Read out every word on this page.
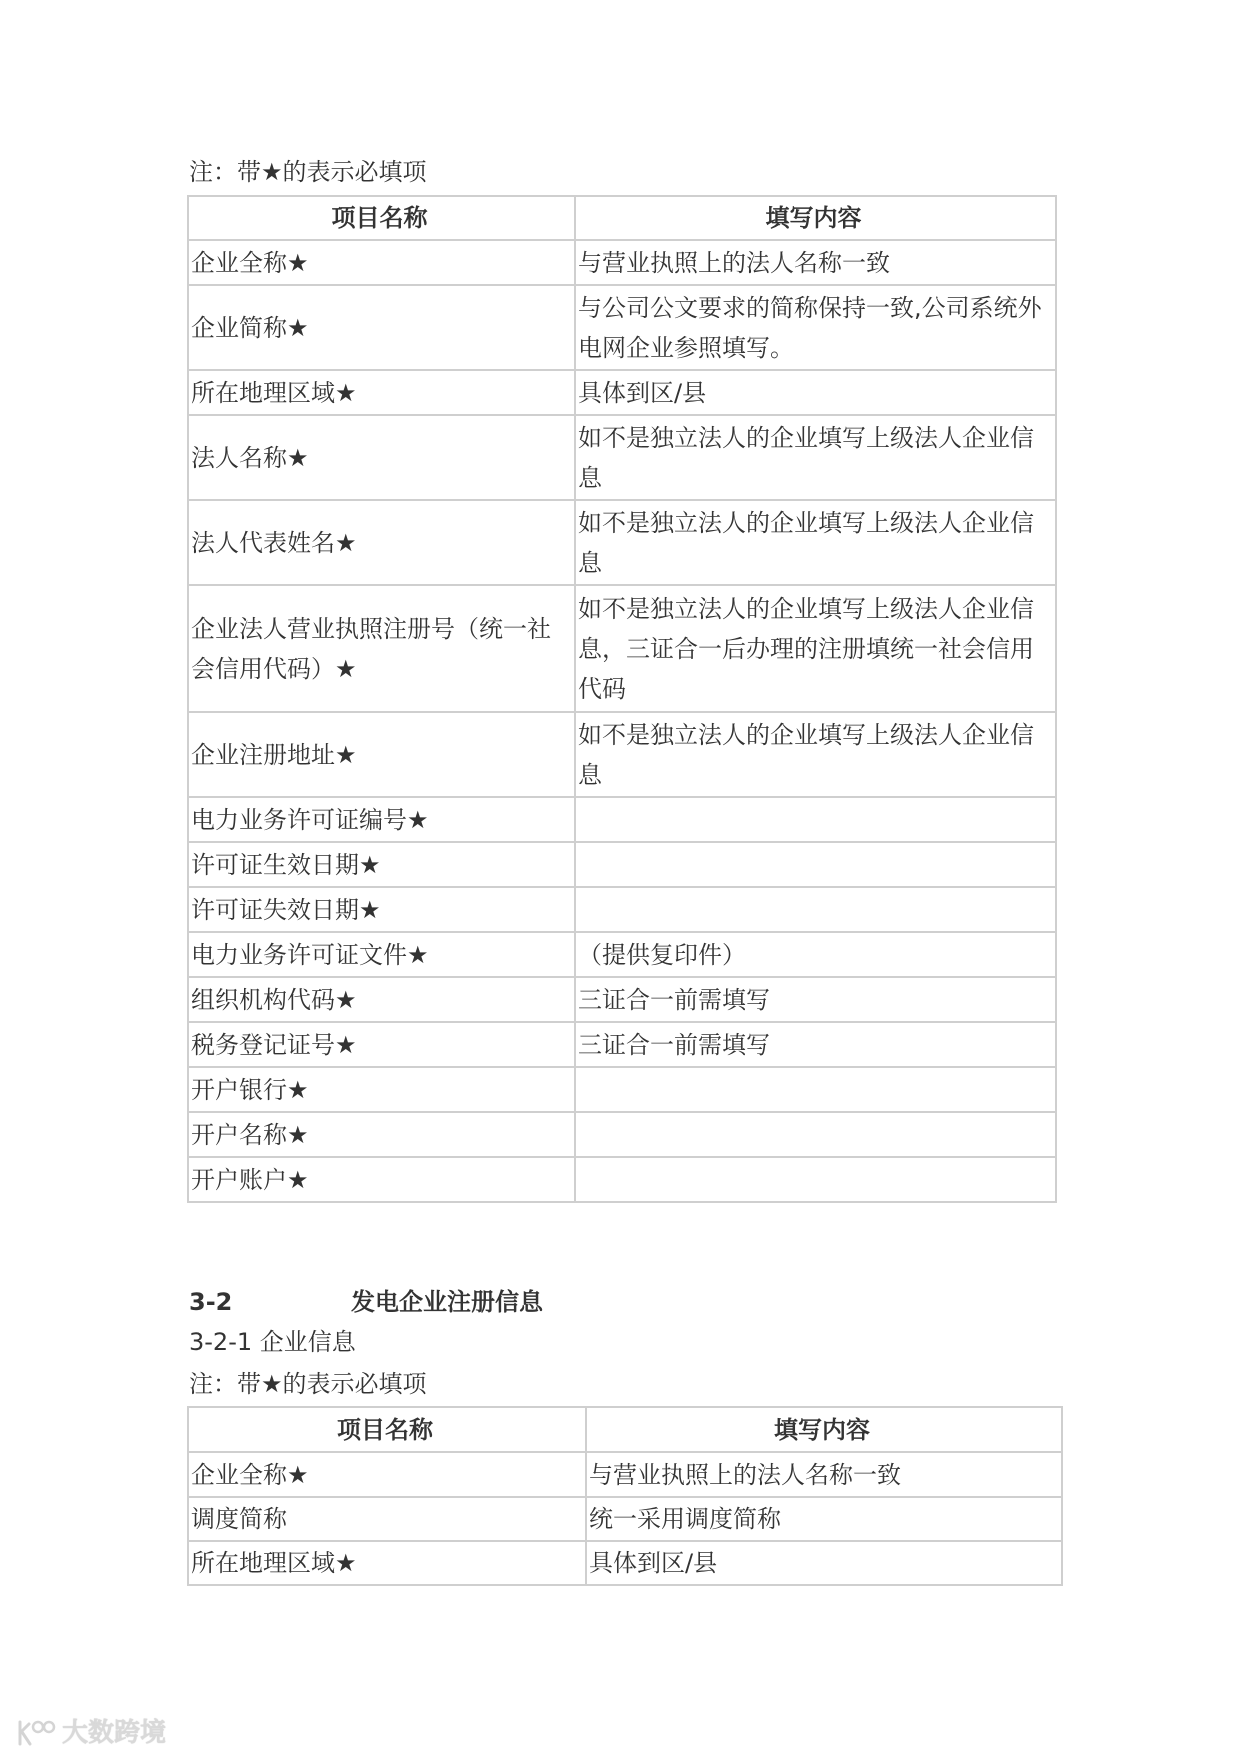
注：带★的表示必填项
项目名称	填写内容
企业全称★	与营业执照上的法人名称一致
企业简称★	与公司公文要求的简称保持一致,公司系统外电网企业参照填写。
所在地理区域★	具体到区/县
法人名称★	如不是独立法人的企业填写上级法人企业信息
法人代表姓名★	如不是独立法人的企业填写上级法人企业信息
企业法人营业执照注册号（统一社会信用代码）★	如不是独立法人的企业填写上级法人企业信息，三证合一后办理的注册填统一社会信用代码
企业注册地址★	如不是独立法人的企业填写上级法人企业信息
电力业务许可证编号★	
许可证生效日期★	
许可证失效日期★	
电力业务许可证文件★	（提供复印件）
组织机构代码★	三证合一前需填写
税务登记证号★	三证合一前需填写
开户银行★	
开户名称★	
开户账户★	
3-2	发电企业注册信息
3-2-1 企业信息
注：带★的表示必填项
项目名称	填写内容
企业全称★	与营业执照上的法人名称一致
调度简称	统一采用调度简称
所在地理区域★	具体到区/县
大数跨境
